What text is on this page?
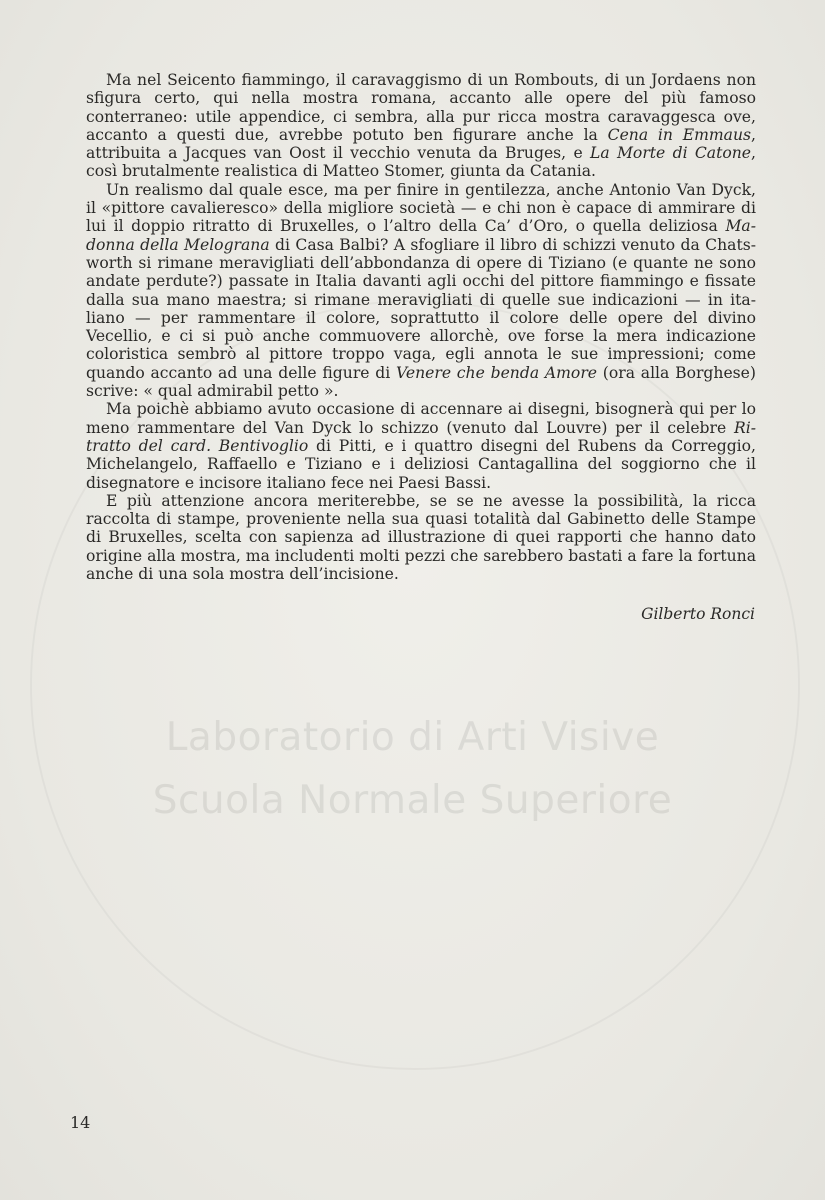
Laboratorio di Arti Visive
Scuola Normale Superiore

Ma nel Seicento fiammingo, il caravaggismo di un Rombouts, di un Jordaens non sfigura certo, qui nella mostra romana, accanto alle opere del più famoso conterraneo: utile appendice, ci sembra, alla pur ricca mostra caravaggesca ove, accanto a questi due, avrebbe potuto ben figurare anche la Cena in Emmaus, attribuita a Jacques van Oost il vecchio venuta da Bruges, e La Morte di Catone, così brutalmente realistica di Matteo Stomer, giunta da Catania.

Un realismo dal quale esce, ma per finire in gentilezza, anche Antonio Van Dyck, il «pittore cavalieresco» della migliore società — e chi non è capace di ammirare di lui il doppio ritratto di Bruxelles, o l’altro della Ca’ d’Oro, o quella deliziosa Madonna della Melograna di Casa Balbi? A sfogliare il libro di schizzi venuto da Chatsworth si rimane meravigliati dell’abbondanza di opere di Tiziano (e quante ne sono andate perdute?) passate in Italia davanti agli occhi del pittore fiammingo e fissate dalla sua mano maestra; si rimane meravigliati di quelle sue indicazioni — in italiano — per rammentare il colore, soprattutto il colore delle opere del divino Vecellio, e ci si può anche commuovere allorchè, ove forse la mera indicazione coloristica sembrò al pittore troppo vaga, egli annota le sue impressioni; come quando accanto ad una delle figure di Venere che benda Amore (ora alla Borghese) scrive: « qual admirabil petto ».

Ma poichè abbiamo avuto occasione di accennare ai disegni, bisognerà qui per lo meno rammentare del Van Dyck lo schizzo (venuto dal Louvre) per il celebre Ritratto del card. Bentivoglio di Pitti, e i quattro disegni del Rubens da Correggio, Michelangelo, Raffaello e Tiziano e i deliziosi Cantagallina del soggiorno che il disegnatore e incisore italiano fece nei Paesi Bassi.

E più attenzione ancora meriterebbe, se se ne avesse la possibilità, la ricca raccolta di stampe, proveniente nella sua quasi totalità dal Gabinetto delle Stampe di Bruxelles, scelta con sapienza ad illustrazione di quei rapporti che hanno dato origine alla mostra, ma includenti molti pezzi che sarebbero bastati a fare la fortuna anche di una sola mostra dell’incisione.

Gilberto Ronci
14
